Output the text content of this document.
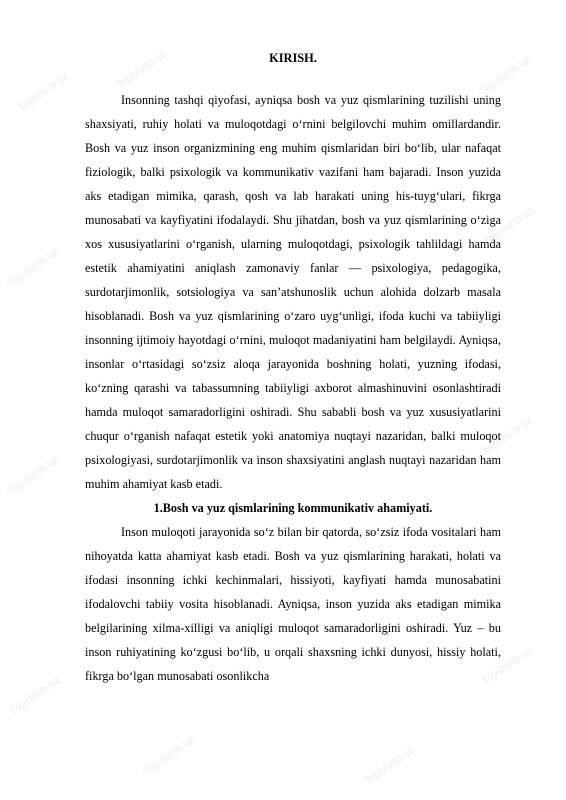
Topshirib.uz
Topshirib.uz	Topshirib.uz
Topshirib.uz
Topshirib.uz
Topshirib.uz
Topshirib.uz
Topshirib.uz
Topshirib.uz
Topshirib.uz	Topshirib.uz
KIRISH.

Insonning tashqi qiyofasi, ayniqsa bosh va yuz qismlarining tuzilishi uning shaxsiyati, ruhiy holati va muloqotdagi o‘rnini belgilovchi muhim omillardandir. Bosh va yuz inson organizmining eng muhim qismlaridan biri bo‘lib, ular nafaqat fiziologik, balki psixologik va kommunikativ vazifani ham bajaradi. Inson yuzida aks etadigan mimika, qarash, qosh va lab harakati uning his-tuyg‘ulari, fikrga munosabati va kayfiyatini ifodalaydi. Shu jihatdan, bosh va yuz qismlarining o‘ziga xos xususiyatlarini o‘rganish, ularning muloqotdagi, psixologik tahlildagi hamda estetik ahamiyatini aniqlash zamonaviy fanlar — psixologiya, pedagogika, surdotarjimonlik, sotsiologiya va san’atshunoslik uchun alohida dolzarb masala hisoblanadi. Bosh va yuz qismlarining o‘zaro uyg‘unligi, ifoda kuchi va tabiiyligi insonning ijtimoiy hayotdagi o‘rnini, muloqot madaniyatini ham belgilaydi. Ayniqsa, insonlar o‘rtasidagi so‘zsiz aloqa jarayonida boshning holati, yuzning ifodasi, ko‘zning qarashi va tabassumning tabiiyligi axborot almashinuvini osonlashtiradi hamda muloqot samaradorligini oshiradi. Shu sababli bosh va yuz xususiyatlarini chuqur o‘rganish nafaqat estetik yoki anatomiya nuqtayi nazaridan, balki muloqot psixologiyasi, surdotarjimonlik va inson shaxsiyatini anglash nuqtayi nazaridan ham muhim ahamiyat kasb etadi.

1.Bosh va yuz qismlarining kommunikativ ahamiyati.

Inson muloqoti jarayonida so‘z bilan bir qatorda, so‘zsiz ifoda vositalari ham nihoyatda katta ahamiyat kasb etadi. Bosh va yuz qismlarining harakati, holati va ifodasi insonning ichki kechinmalari, hissiyoti, kayfiyati hamda munosabatini ifodalovchi tabiiy vosita hisoblanadi. Ayniqsa, inson yuzida aks etadigan mimika belgilarining xilma-xilligi va aniqligi muloqot samaradorligini oshiradi. Yuz – bu inson ruhiyatining ko‘zgusi bo‘lib, u orqali shaxsning ichki dunyosi, hissiy holati, fikrga bo‘lgan munosabati osonlikcha
